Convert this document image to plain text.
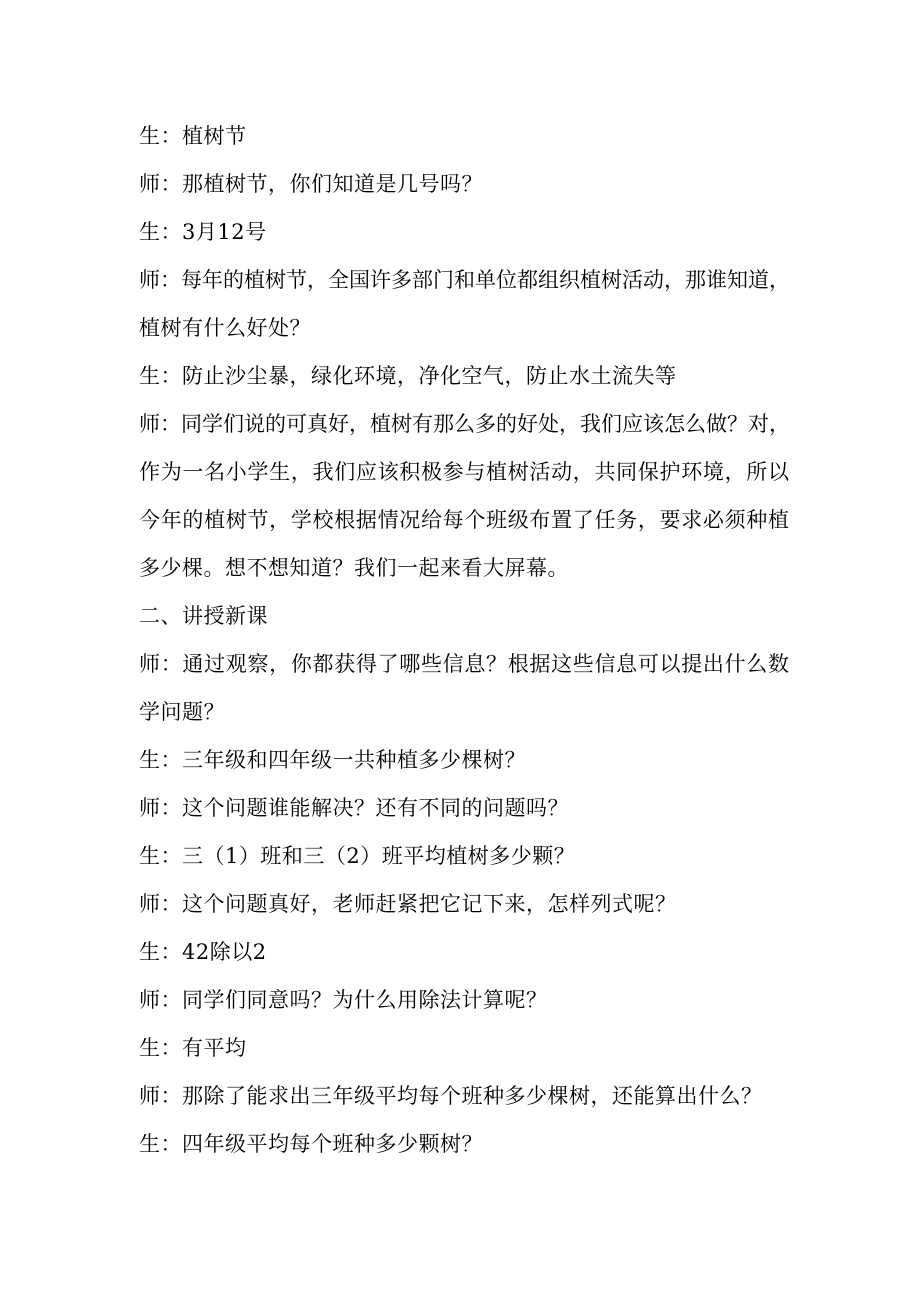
生：植树节
师：那植树节，你们知道是几号吗？
生：3月12号
师：每年的植树节，全国许多部门和单位都组织植树活动，那谁知道，
植树有什么好处？
生：防止沙尘暴，绿化环境，净化空气，防止水土流失等
师：同学们说的可真好，植树有那么多的好处，我们应该怎么做？对，
作为一名小学生，我们应该积极参与植树活动，共同保护环境，所以
今年的植树节，学校根据情况给每个班级布置了任务，要求必须种植
多少棵。想不想知道？我们一起来看大屏幕。
二、讲授新课
师：通过观察，你都获得了哪些信息？根据这些信息可以提出什么数
学问题？
生：三年级和四年级一共种植多少棵树？
师：这个问题谁能解决？还有不同的问题吗？
生：三（1）班和三（2）班平均植树多少颗？
师：这个问题真好，老师赶紧把它记下来，怎样列式呢？
生：42除以2
师：同学们同意吗？为什么用除法计算呢？
生：有平均
师：那除了能求出三年级平均每个班种多少棵树，还能算出什么？
生：四年级平均每个班种多少颗树？
